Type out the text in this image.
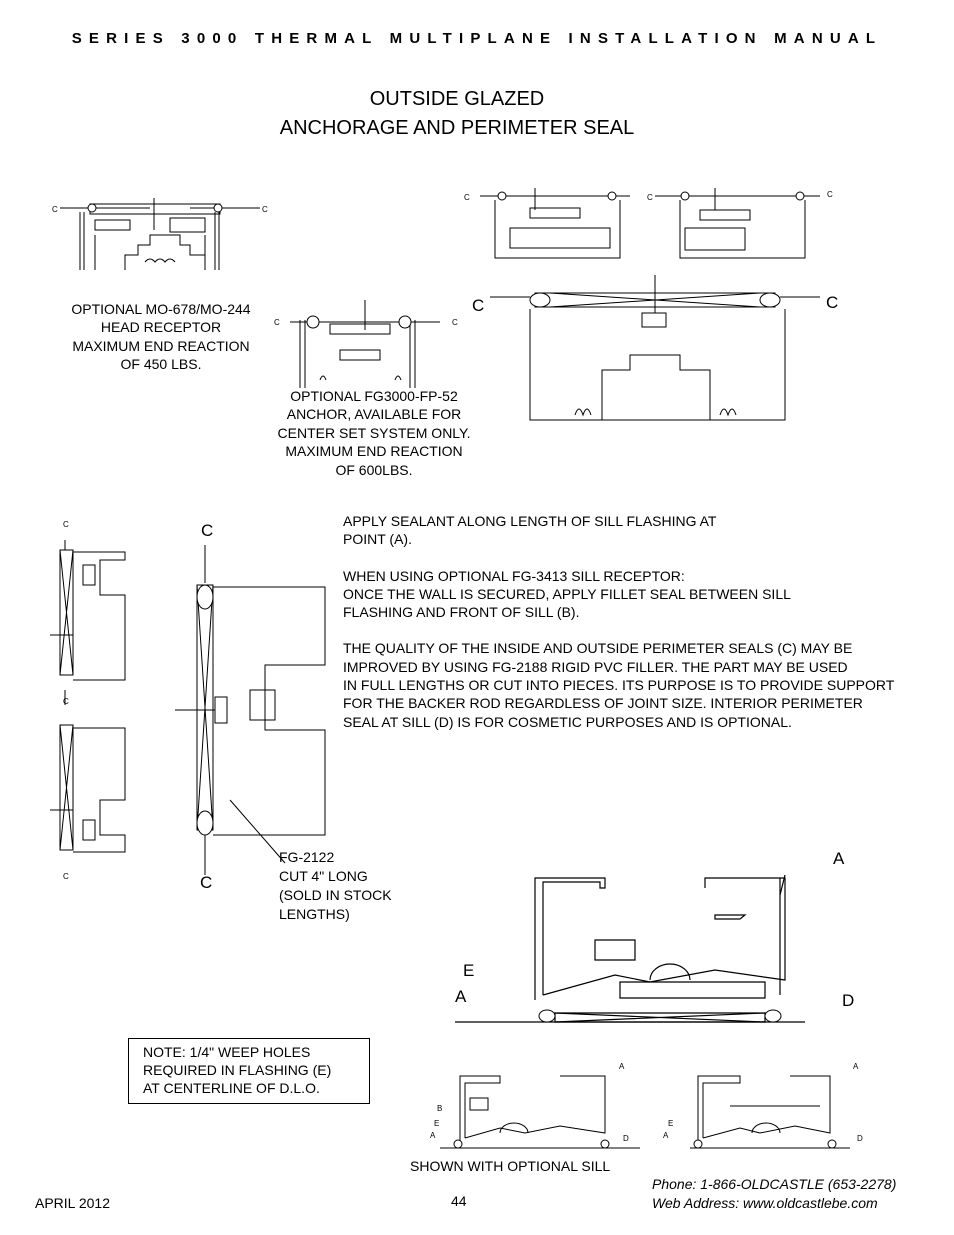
SERIES 3000 THERMAL MULTIPLANE INSTALLATION MANUAL
OUTSIDE GLAZED
ANCHORAGE AND PERIMETER SEAL
C	C
OPTIONAL MO-678/MO-244
HEAD RECEPTOR
MAXIMUM END REACTION
OF 450 LBS.
C	C
OPTIONAL FG3000-FP-52
ANCHOR, AVAILABLE FOR
CENTER SET SYSTEM ONLY.
MAXIMUM END REACTION
OF 600LBS.
C	C	C
C	C

APPLY SEALANT ALONG LENGTH OF SILL FLASHING AT
POINT (A).

WHEN USING OPTIONAL FG-3413 SILL RECEPTOR:
ONCE THE WALL IS SECURED, APPLY FILLET SEAL BETWEEN SILL
FLASHING AND FRONT OF SILL (B).

THE QUALITY OF THE INSIDE AND OUTSIDE PERIMETER SEALS (C) MAY BE
IMPROVED BY USING FG-2188 RIGID PVC FILLER. THE PART MAY BE USED
IN FULL LENGTHS OR CUT INTO PIECES. ITS PURPOSE IS TO PROVIDE SUPPORT
FOR THE BACKER ROD REGARDLESS OF JOINT SIZE. INTERIOR PERIMETER
SEAL AT SILL (D) IS FOR COSMETIC PURPOSES AND IS OPTIONAL.

C
C
C
C
C
FG-2122
CUT 4" LONG
(SOLD IN STOCK
LENGTHS)
A
E
A	D
NOTE: 1/4" WEEP HOLES
REQUIRED IN FLASHING (E)
AT CENTERLINE OF D.L.O.
A
B
E
A	D
A
E
A	D
SHOWN WITH OPTIONAL SILL
APRIL 2012	44
Phone: 1-866-OLDCASTLE (653-2278)
Web Address: www.oldcastlebe.com
